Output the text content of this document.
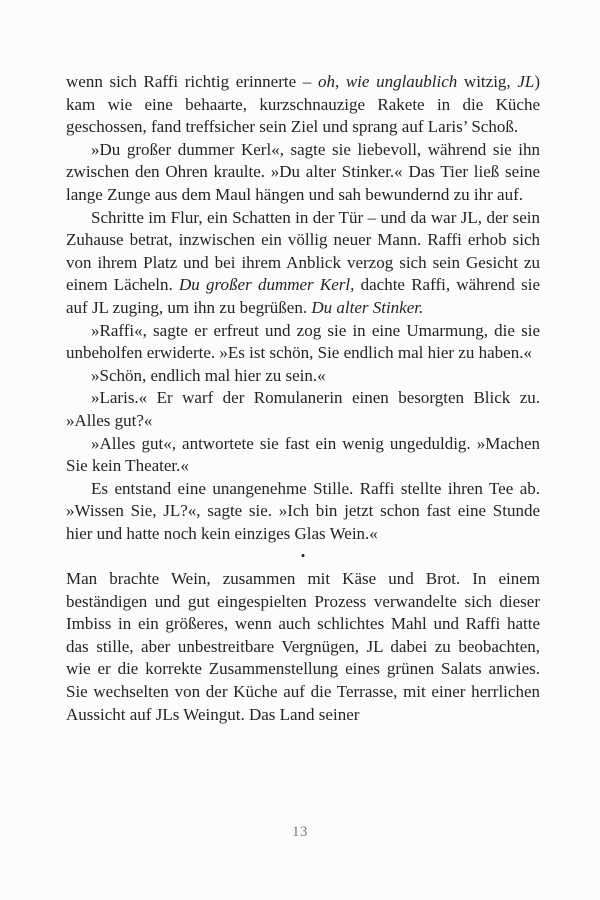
wenn sich Raffi richtig erinnerte – oh, wie unglaublich witzig, JL) kam wie eine behaarte, kurzschnauzige Rakete in die Küche geschossen, fand treffsicher sein Ziel und sprang auf Laris’ Schoß.

»Du großer dummer Kerl«, sagte sie liebevoll, während sie ihn zwischen den Ohren kraulte. »Du alter Stinker.« Das Tier ließ seine lange Zunge aus dem Maul hängen und sah bewundernd zu ihr auf.

Schritte im Flur, ein Schatten in der Tür – und da war JL, der sein Zuhause betrat, inzwischen ein völlig neuer Mann. Raffi erhob sich von ihrem Platz und bei ihrem Anblick verzog sich sein Gesicht zu einem Lächeln. Du großer dummer Kerl, dachte Raffi, während sie auf JL zuging, um ihn zu begrüßen. Du alter Stinker.

»Raffi«, sagte er erfreut und zog sie in eine Umarmung, die sie unbeholfen erwiderte. »Es ist schön, Sie endlich mal hier zu haben.«

»Schön, endlich mal hier zu sein.«

»Laris.« Er warf der Romulanerin einen besorgten Blick zu. »Alles gut?«

»Alles gut«, antwortete sie fast ein wenig ungeduldig. »Machen Sie kein Theater.«

Es entstand eine unangenehme Stille. Raffi stellte ihren Tee ab. »Wissen Sie, JL?«, sagte sie. »Ich bin jetzt schon fast eine Stunde hier und hatte noch kein einziges Glas Wein.«

•

Man brachte Wein, zusammen mit Käse und Brot. In einem beständigen und gut eingespielten Prozess verwandelte sich dieser Imbiss in ein größeres, wenn auch schlichtes Mahl und Raffi hatte das stille, aber unbestreitbare Vergnügen, JL dabei zu beobachten, wie er die korrekte Zusammenstellung eines grünen Salats anwies. Sie wechselten von der Küche auf die Terrasse, mit einer herrlichen Aussicht auf JLs Weingut. Das Land seiner

13
